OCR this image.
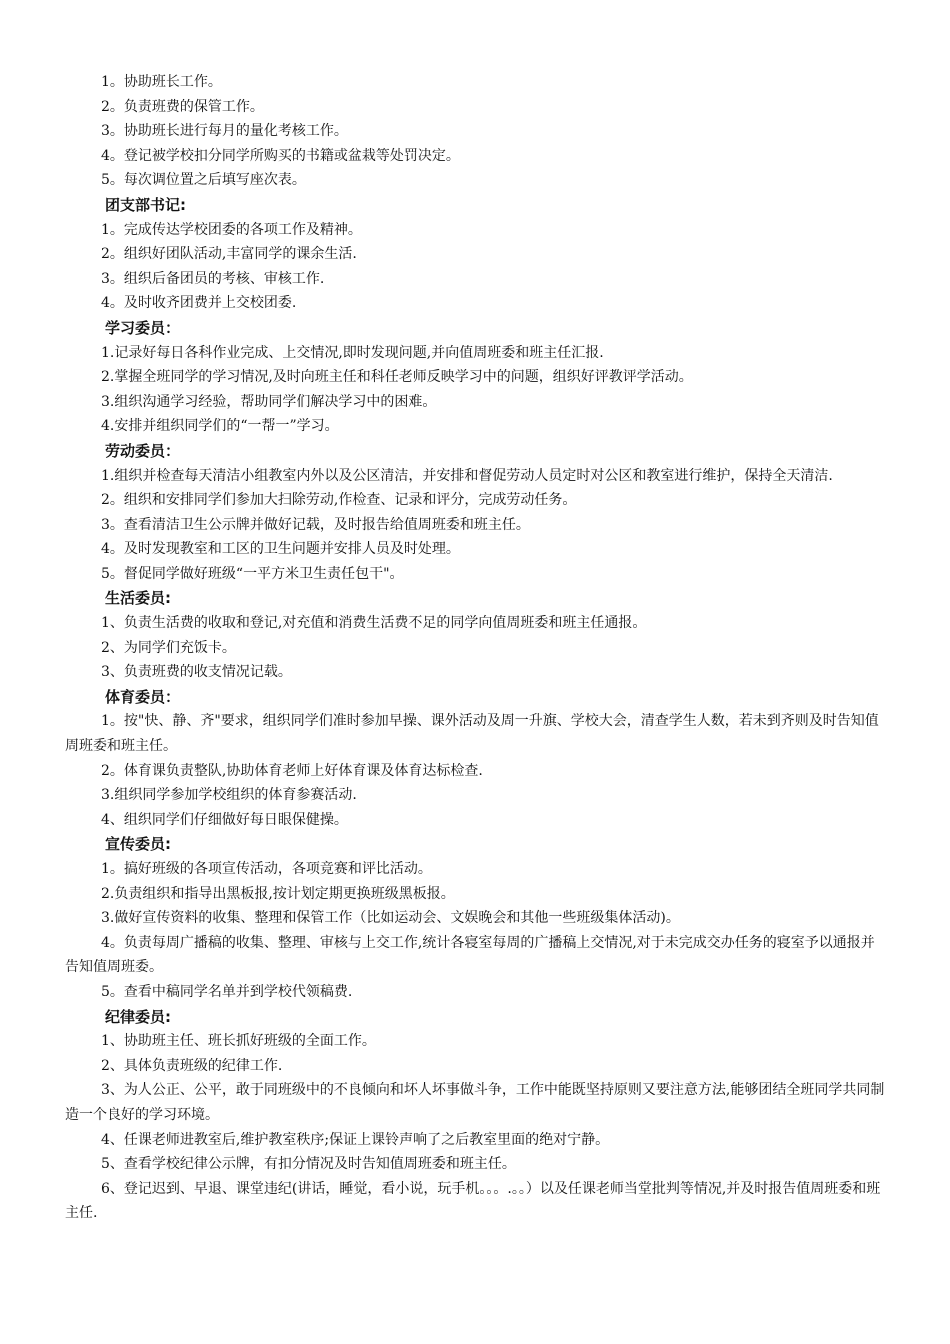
1。协助班长工作。
2。负责班费的保管工作。
3。协助班长进行每月的量化考核工作。
4。登记被学校扣分同学所购买的书籍或盆栽等处罚决定。
5。每次调位置之后填写座次表。
团支部书记:
1。完成传达学校团委的各项工作及精神。
2。组织好团队活动,丰富同学的课余生活.
3。组织后备团员的考核、审核工作.
4。及时收齐团费并上交校团委.
学习委员：
1.记录好每日各科作业完成、上交情况,即时发现问题,并向值周班委和班主任汇报.
2.掌握全班同学的学习情况,及时向班主任和科任老师反映学习中的问题，组织好评教评学活动。
3.组织沟通学习经验，帮助同学们解决学习中的困难。
4.安排并组织同学们的“一帮一”学习。
劳动委员：
1.组织并检查每天清洁小组教室内外以及公区清洁，并安排和督促劳动人员定时对公区和教室进行维护，保持全天清洁.
2。组织和安排同学们参加大扫除劳动,作检查、记录和评分，完成劳动任务。
3。查看清洁卫生公示牌并做好记载，及时报告给值周班委和班主任。
4。及时发现教室和工区的卫生问题并安排人员及时处理。
5。督促同学做好班级“一平方米卫生责任包干"。
生活委员:
1、负责生活费的收取和登记,对充值和消费生活费不足的同学向值周班委和班主任通报。
2、为同学们充饭卡。
3、负责班费的收支情况记载。
体育委员：
1。按"快、静、齐"要求，组织同学们准时参加早操、课外活动及周一升旗、学校大会，清查学生人数，若未到齐则及时告知值周班委和班主任。
2。体育课负责整队,协助体育老师上好体育课及体育达标检查.
3.组织同学参加学校组织的体育参赛活动.
4、组织同学们仔细做好每日眼保健操。
宣传委员:
1。搞好班级的各项宣传活动，各项竞赛和评比活动。
2.负责组织和指导出黑板报,按计划定期更换班级黑板报。
3.做好宣传资料的收集、整理和保管工作（比如运动会、文娱晚会和其他一些班级集体活动)。
4。负责每周广播稿的收集、整理、审核与上交工作,统计各寝室每周的广播稿上交情况,对于未完成交办任务的寝室予以通报并告知值周班委。
5。查看中稿同学名单并到学校代领稿费.
纪律委员:
1、协助班主任、班长抓好班级的全面工作。
2、具体负责班级的纪律工作.
3、为人公正、公平，敢于同班级中的不良倾向和坏人坏事做斗争，工作中能既坚持原则又要注意方法,能够团结全班同学共同制造一个良好的学习环境。
4、任课老师进教室后,维护教室秩序;保证上课铃声响了之后教室里面的绝对宁静。
5、查看学校纪律公示牌，有扣分情况及时告知值周班委和班主任。
6、登记迟到、早退、课堂违纪(讲话，睡觉，看小说，玩手机。。。.。。）以及任课老师当堂批判等情况,并及时报告值周班委和班主任.
